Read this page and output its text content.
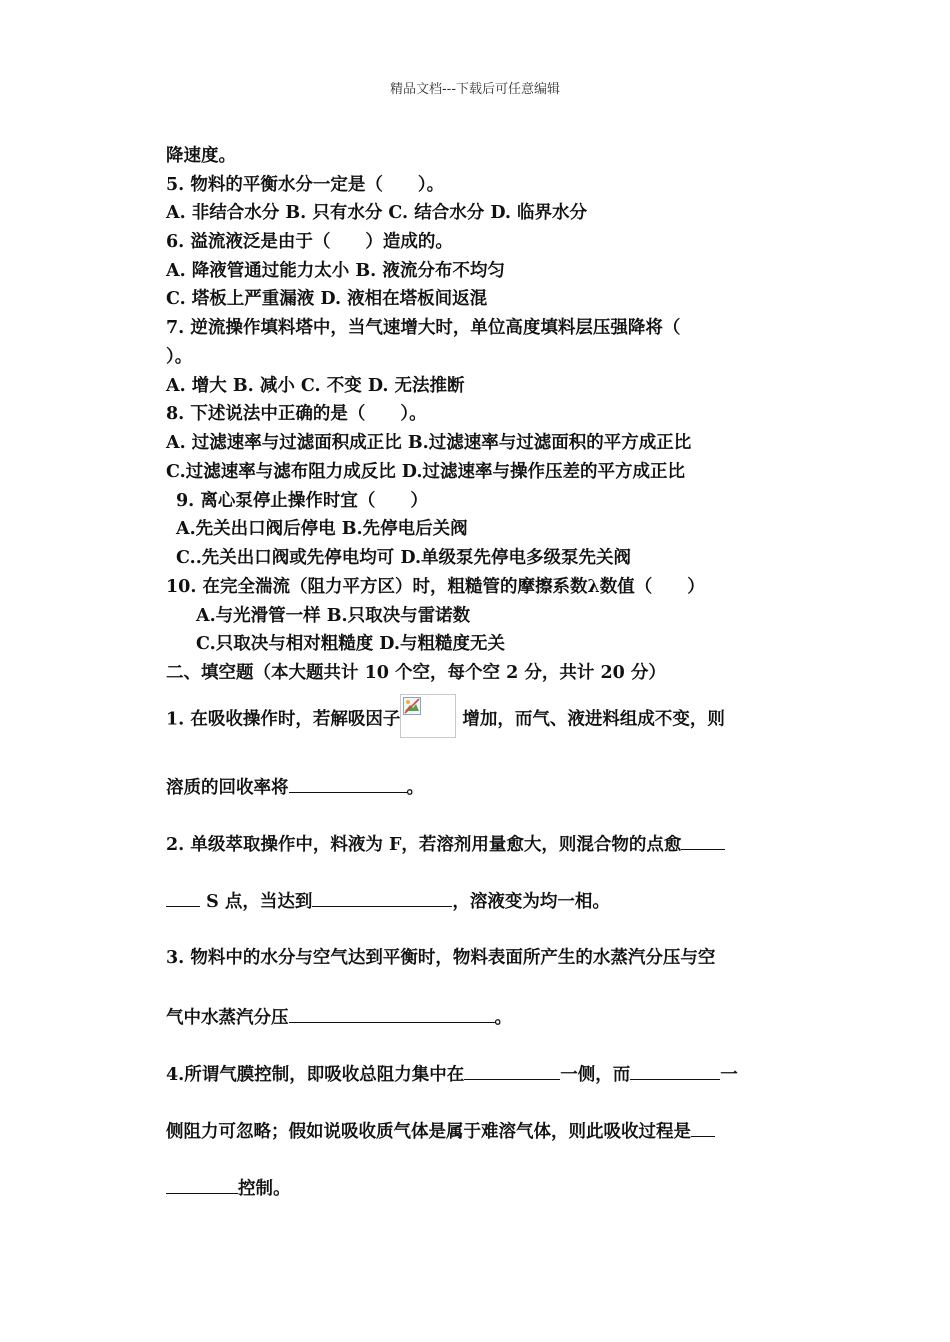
精品文档---下载后可任意编辑
降速度。
5. 物料的平衡水分一定是（　　）。
A. 非结合水分 B. 只有水分 C. 结合水分 D. 临界水分
6. 溢流液泛是由于（　　）造成的。
A. 降液管通过能力太小 B. 液流分布不均匀
C. 塔板上严重漏液 D. 液相在塔板间返混
7. 逆流操作填料塔中，当气速增大时，单位高度填料层压强降将（
）。
A. 增大 B. 减小 C. 不变 D. 无法推断
8. 下述说法中正确的是（　　）。
A. 过滤速率与过滤面积成正比 B.过滤速率与过滤面积的平方成正比
C.过滤速率与滤布阻力成反比 D.过滤速率与操作压差的平方成正比
9. 离心泵停止操作时宜（　　）
A.先关出口阀后停电 B.先停电后关阀
C..先关出口阀或先停电均可 D.单级泵先停电多级泵先关阀
10. 在完全湍流（阻力平方区）时，粗糙管的摩擦系数λ数值（　　）
A.与光滑管一样 B.只取决与雷诺数
C.只取决与相对粗糙度 D.与粗糙度无关
二、填空题（本大题共计 10 个空，每个空 2 分，共计 20 分）
1. 在吸收操作时，若解吸因子	增加，而气、液进料组成不变，则
溶质的回收率将	。
2. 单级萃取操作中，料液为 F，若溶剂用量愈大，则混合物的点愈
S 点，当达到	，溶液变为均一相。
3. 物料中的水分与空气达到平衡时，物料表面所产生的水蒸汽分压与空
气中水蒸汽分压	。
4.所谓气膜控制，即吸收总阻力集中在	一侧，而	一
侧阻力可忽略；假如说吸收质气体是属于难溶气体，则此吸收过程是
控制。
